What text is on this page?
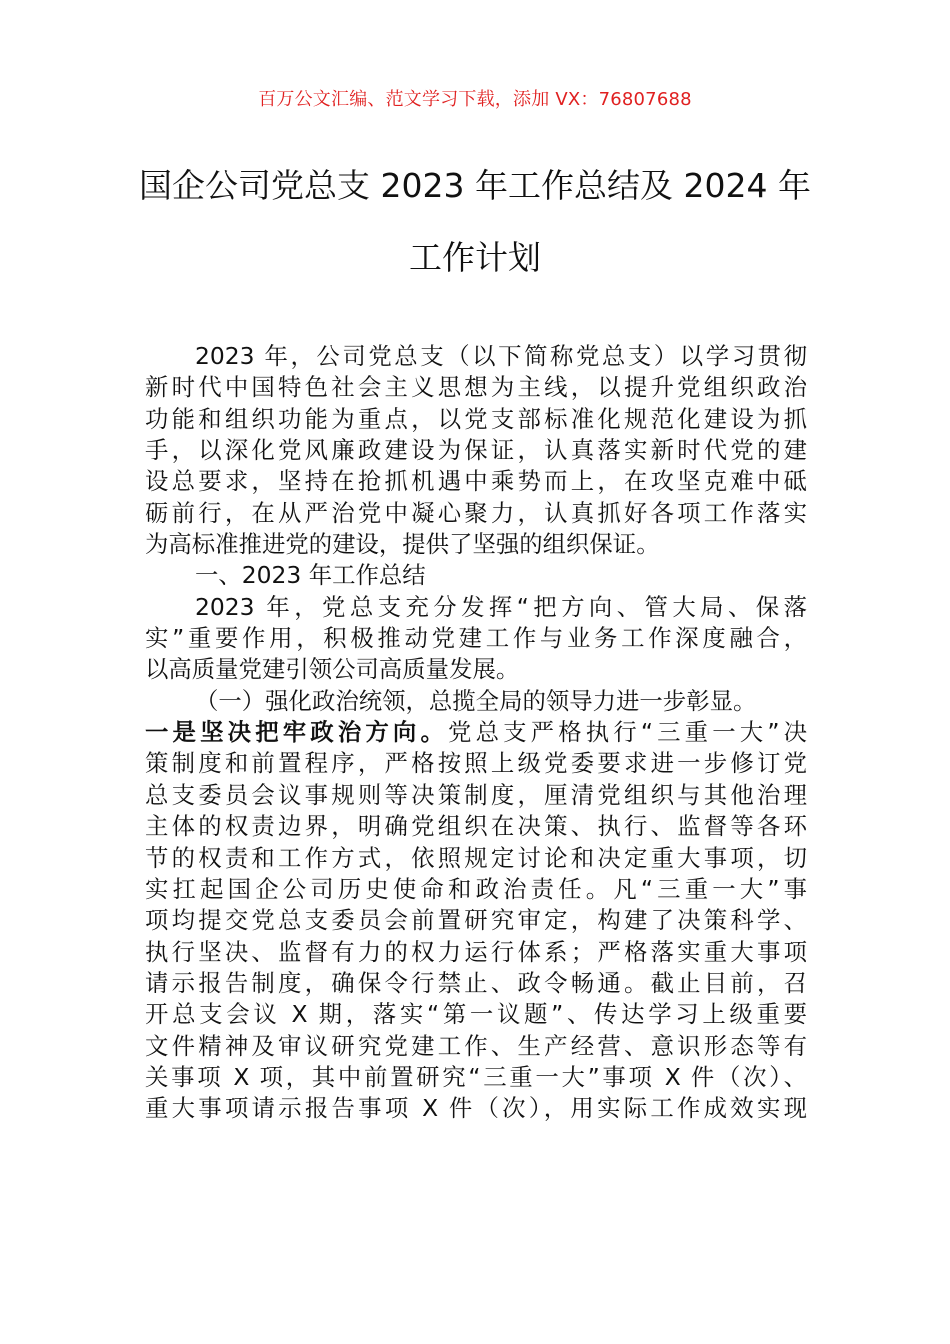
百万公文汇编、范文学习下载，添加 VX：76807688
国企公司党总支 2023 年工作总结及 2024 年
工作计划
2023 年，公司党总支（以下简称党总支）以学习贯彻
新时代中国特色社会主义思想为主线，以提升党组织政治
功能和组织功能为重点，以党支部标准化规范化建设为抓
手，以深化党风廉政建设为保证，认真落实新时代党的建
设总要求，坚持在抢抓机遇中乘势而上，在攻坚克难中砥
砺前行，在从严治党中凝心聚力，认真抓好各项工作落实
为高标准推进党的建设，提供了坚强的组织保证。
一、2023 年工作总结
2023 年，党总支充分发挥“把方向、管大局、保落
实”重要作用，积极推动党建工作与业务工作深度融合，
以高质量党建引领公司高质量发展。
（一）强化政治统领，总揽全局的领导力进一步彰显。
一是坚决把牢政治方向。党总支严格执行“三重一大”决
策制度和前置程序，严格按照上级党委要求进一步修订党
总支委员会议事规则等决策制度，厘清党组织与其他治理
主体的权责边界，明确党组织在决策、执行、监督等各环
节的权责和工作方式，依照规定讨论和决定重大事项，切
实扛起国企公司历史使命和政治责任。凡“三重一大”事
项均提交党总支委员会前置研究审定，构建了决策科学、
执行坚决、监督有力的权力运行体系；严格落实重大事项
请示报告制度，确保令行禁止、政令畅通。截止目前，召
开总支会议 X 期，落实“第一议题”、传达学习上级重要
文件精神及审议研究党建工作、生产经营、意识形态等有
关事项 X 项，其中前置研究“三重一大”事项 X 件（次）、
重大事项请示报告事项 X 件（次），用实际工作成效实现
